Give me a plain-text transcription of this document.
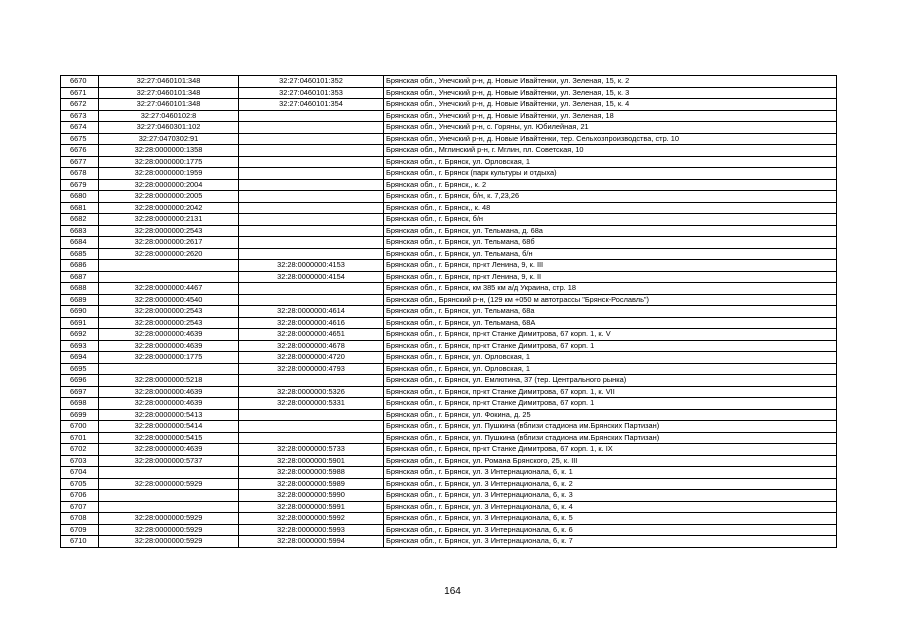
6670	32:27:0460101:348	32:27:0460101:352	Брянская обл., Унечский р-н, д. Новые Ивайтенки, ул. Зеленая, 15, к. 2
6671	32:27:0460101:348	32:27:0460101:353	Брянская обл., Унечский р-н, д. Новые Ивайтенки, ул. Зеленая, 15, к. 3
6672	32:27:0460101:348	32:27:0460101:354	Брянская обл., Унечский р-н, д. Новые Ивайтенки, ул. Зеленая, 15, к. 4
6673	32:27:0460102:8		Брянская обл., Унечский р-н, д. Новые Ивайтенки, ул. Зеленая, 18
6674	32:27:0460301:102		Брянская обл., Унечский р-н, с. Горяны, ул. Юбилейная, 21
6675	32:27:0470302:91		Брянская обл., Унечский р-н, д. Новые Ивайтенки, тер. Сельхозпроизводства, стр. 10
6676	32:28:0000000:1358		Брянская обл., Мглинский р-н, г. Мглин, пл. Советская, 10
6677	32:28:0000000:1775		Брянская обл., г. Брянск, ул. Орловская, 1
6678	32:28:0000000:1959		Брянская обл., г. Брянск (парк культуры и отдыха)
6679	32:28:0000000:2004		Брянская обл., г. Брянск,, к. 2
6680	32:28:0000000:2005		Брянская обл., г. Брянск, б/н, к. 7,23,26
6681	32:28:0000000:2042		Брянская обл., г. Брянск,, к. 48
6682	32:28:0000000:2131		Брянская обл., г. Брянск, б/н
6683	32:28:0000000:2543		Брянская обл., г. Брянск, ул. Тельмана, д. 68а
6684	32:28:0000000:2617		Брянская обл., г. Брянск, ул. Тельмана, 68б
6685	32:28:0000000:2620		Брянская обл., г. Брянск, ул. Тельмана, б/н
6686		32:28:0000000:4153	Брянская обл., г. Брянск, пр-кт Ленина, 9, к. III
6687		32:28:0000000:4154	Брянская обл., г. Брянск, пр-кт Ленина, 9, к. II
6688	32:28:0000000:4467		Брянская обл., г. Брянск, км 385 км а/д Украина, стр. 18
6689	32:28:0000000:4540		Брянская обл., Брянский р-н, (129 км +050 м автотрассы "Брянск-Рославль")
6690	32:28:0000000:2543	32:28:0000000:4614	Брянская обл., г. Брянск, ул. Тельмана, 68а
6691	32:28:0000000:2543	32:28:0000000:4616	Брянская обл., г. Брянск, ул. Тельмана, 68А
6692	32:28:0000000:4639	32:28:0000000:4651	Брянская обл., г. Брянск, пр-кт Станке Димитрова, 67 корп. 1, к. V
6693	32:28:0000000:4639	32:28:0000000:4678	Брянская обл., г. Брянск, пр-кт Станке Димитрова, 67 корп. 1
6694	32:28:0000000:1775	32:28:0000000:4720	Брянская обл., г. Брянск, ул. Орловская, 1
6695		32:28:0000000:4793	Брянская обл., г. Брянск, ул. Орловская, 1
6696	32:28:0000000:5218		Брянская обл., г. Брянск, ул. Емлютина, 37 (тер. Центрального рынка)
6697	32:28:0000000:4639	32:28:0000000:5326	Брянская обл., г. Брянск, пр-кт Станке Димитрова, 67 корп. 1, к. VII
6698	32:28:0000000:4639	32:28:0000000:5331	Брянская обл., г. Брянск, пр-кт Станке Димитрова, 67 корп. 1
6699	32:28:0000000:5413		Брянская обл., г. Брянск, ул. Фокина, д. 25
6700	32:28:0000000:5414		Брянская обл., г. Брянск, ул. Пушкина (вблизи стадиона им.Брянских Партизан)
6701	32:28:0000000:5415		Брянская обл., г. Брянск, ул. Пушкина (вблизи стадиона им.Брянских Партизан)
6702	32:28:0000000:4639	32:28:0000000:5733	Брянская обл., г. Брянск, пр-кт Станке Димитрова, 67 корп. 1, к. IX
6703	32:28:0000000:5737	32:28:0000000:5901	Брянская обл., г. Брянск, ул. Романа Брянского, 25, к. III
6704		32:28:0000000:5988	Брянская обл., г. Брянск, ул. 3 Интернационала, 6, к. 1
6705	32:28:0000000:5929	32:28:0000000:5989	Брянская обл., г. Брянск, ул. 3 Интернационала, 6, к. 2
6706		32:28:0000000:5990	Брянская обл., г. Брянск, ул. 3 Интернационала, 6, к. 3
6707		32:28:0000000:5991	Брянская обл., г. Брянск, ул. 3 Интернационала, 6, к. 4
6708	32:28:0000000:5929	32:28:0000000:5992	Брянская обл., г. Брянск, ул. 3 Интернационала, 6, к. 5
6709	32:28:0000000:5929	32:28:0000000:5993	Брянская обл., г. Брянск, ул. 3 Интернационала, 6, к. 6
6710	32:28:0000000:5929	32:28:0000000:5994	Брянская обл., г. Брянск, ул. 3 Интернационала, 6, к. 7
164
